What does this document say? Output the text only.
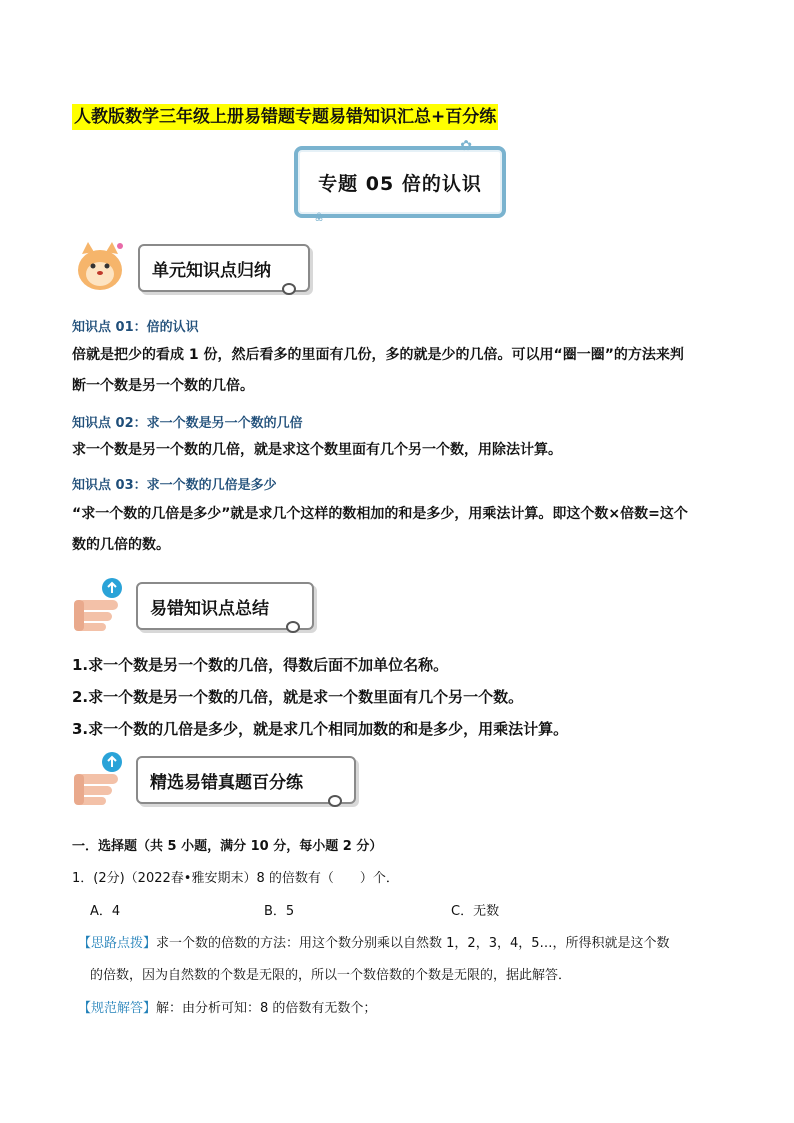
人教版数学三年级上册易错题专题易错知识汇总+百分练
✿
❀
专题 05 倍的认识
单元知识点归纳
知识点 01：倍的认识
倍就是把少的看成 1 份，然后看多的里面有几份，多的就是少的几倍。可以用“圈一圈”的方法来判
断一个数是另一个数的几倍。
知识点 02：求一个数是另一个数的几倍
求一个数是另一个数的几倍，就是求这个数里面有几个另一个数，用除法计算。
知识点 03：求一个数的几倍是多少
“求一个数的几倍是多少”就是求几个这样的数相加的和是多少，用乘法计算。即这个数×倍数=这个
数的几倍的数。
易错知识点总结
1.求一个数是另一个数的几倍，得数后面不加单位名称。
2.求一个数是另一个数的几倍，就是求一个数里面有几个另一个数。
3.求一个数的几倍是多少，就是求几个相同加数的和是多少，用乘法计算。
精选易错真题百分练
一．选择题（共 5 小题，满分 10 分，每小题 2 分）
1．(2分)（2022春•雅安期末）8 的倍数有（　　）个．
A．4	B．5	C．无数
【思路点拨】求一个数的倍数的方法：用这个数分别乘以自然数 1，2，3，4，5…，所得积就是这个数
的倍数，因为自然数的个数是无限的，所以一个数倍数的个数是无限的，据此解答．
【规范解答】解：由分析可知：8 的倍数有无数个；
